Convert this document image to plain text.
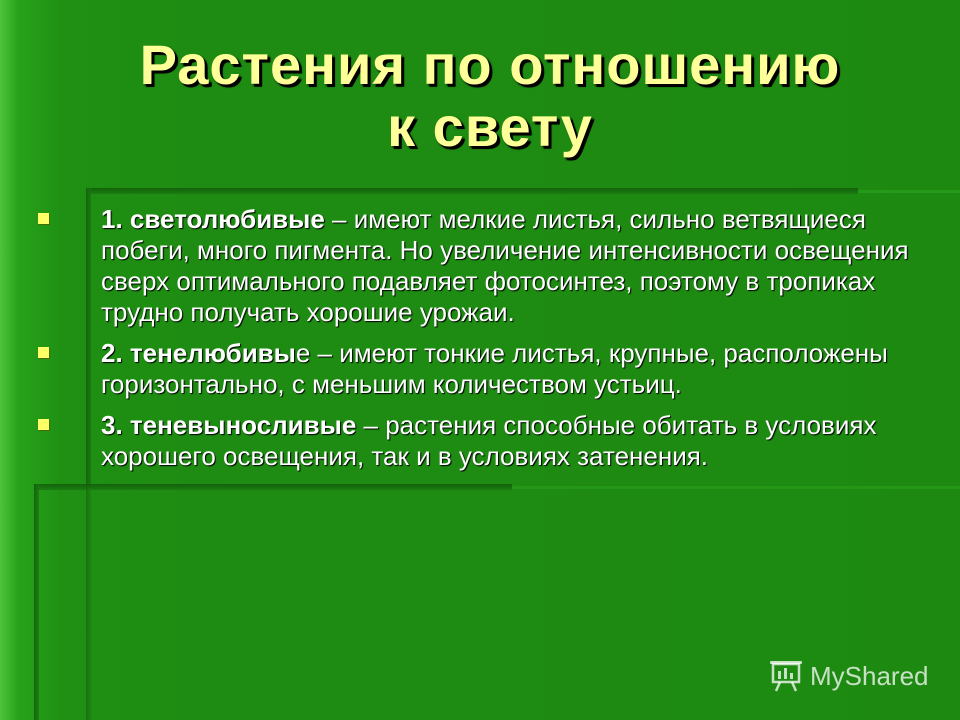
Растения по отношению
к свету
1. светолюбивые – имеют мелкие листья, сильно ветвящиеся побеги, много пигмента. Но увеличение интенсивности освещения сверх оптимального подавляет фотосинтез, поэтому в тропиках трудно получать хорошие урожаи.
2. тенелюбивые – имеют тонкие листья, крупные, расположены горизонтально, с меньшим количеством устьиц.
3. теневыносливые – растения способные обитать в условиях хорошего освещения, так и в условиях затенения.
MyShared
